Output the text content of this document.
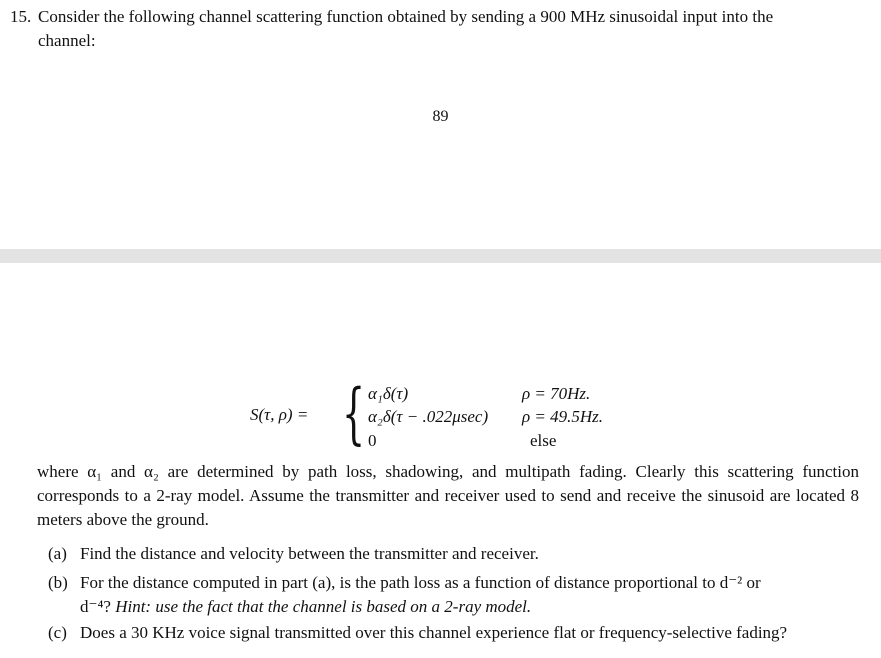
15. Consider the following channel scattering function obtained by sending a 900 MHz sinusoidal input into the
channel:
89
S(τ, ρ) = { α₁δ(τ)	ρ = 70Hz.
α₂δ(τ − .022μsec) ρ = 49.5Hz.
0	else
where α₁ and α₂ are determined by path loss, shadowing, and multipath fading. Clearly this scattering function corresponds to a 2-ray model. Assume the transmitter and receiver used to send and receive the sinusoid are located 8 meters above the ground.
(a) Find the distance and velocity between the transmitter and receiver.
(b) For the distance computed in part (a), is the path loss as a function of distance proportional to d⁻² or
d⁻⁴? Hint: use the fact that the channel is based on a 2-ray model.
(c) Does a 30 KHz voice signal transmitted over this channel experience flat or frequency-selective fading?
